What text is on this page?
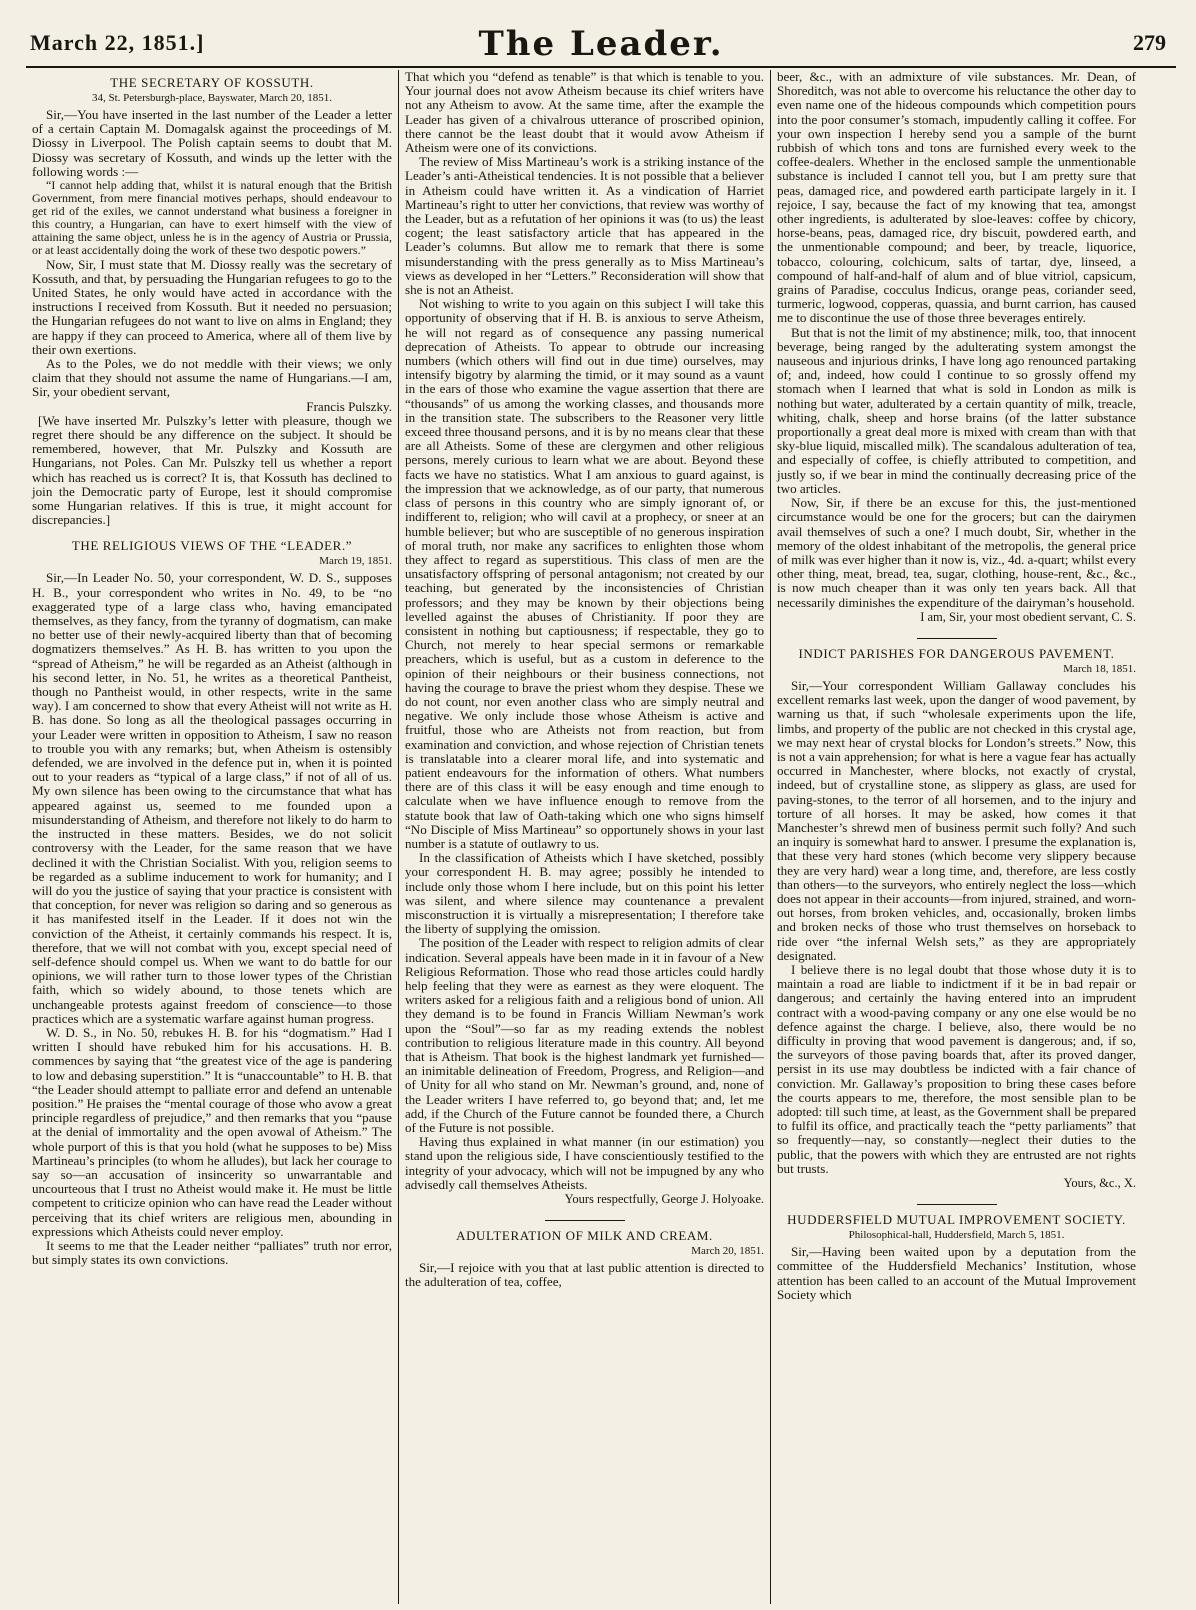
March 22, 1851.]	The Leader.	279
THE SECRETARY OF KOSSUTH.
34, St. Petersburgh-place, Bayswater, March 20, 1851.

Sir,—You have inserted in the last number of the Leader a letter of a certain Captain M. Domagalsk against the proceedings of M. Diossy in Liverpool. The Polish captain seems to doubt that M. Diossy was secretary of Kossuth, and winds up the letter with the following words :—

“I cannot help adding that, whilst it is natural enough that the British Government, from mere financial motives perhaps, should endeavour to get rid of the exiles, we cannot understand what business a foreigner in this country, a Hungarian, can have to exert himself with the view of attaining the same object, unless he is in the agency of Austria or Prussia, or at least accidentally doing the work of these two despotic powers.”

Now, Sir, I must state that M. Diossy really was the secretary of Kossuth, and that, by persuading the Hungarian refugees to go to the United States, he only would have acted in accordance with the instructions I received from Kossuth. But it needed no persuasion; the Hungarian refugees do not want to live on alms in England; they are happy if they can proceed to America, where all of them live by their own exertions.

As to the Poles, we do not meddle with their views; we only claim that they should not assume the name of Hungarians.—I am, Sir, your obedient servant,

Francis Pulszky.

[We have inserted Mr. Pulszky’s letter with pleasure, though we regret there should be any difference on the subject. It should be remembered, however, that Mr. Pulszky and Kossuth are Hungarians, not Poles. Can Mr. Pulszky tell us whether a report which has reached us is correct? It is, that Kossuth has declined to join the Democratic party of Europe, lest it should compromise some Hungarian relatives. If this is true, it might account for discrepancies.]

THE RELIGIOUS VIEWS OF THE “LEADER.”
March 19, 1851.

Sir,—In Leader No. 50, your correspondent, W. D. S., supposes H. B., your correspondent who writes in No. 49, to be “no exaggerated type of a large class who, having emancipated themselves, as they fancy, from the tyranny of dogmatism, can make no better use of their newly-acquired liberty than that of becoming dogmatizers themselves.” As H. B. has written to you upon the “spread of Atheism,” he will be regarded as an Atheist (although in his second letter, in No. 51, he writes as a theoretical Pantheist, though no Pantheist would, in other respects, write in the same way). I am concerned to show that every Atheist will not write as H. B. has done. So long as all the theological passages occurring in your Leader were written in opposition to Atheism, I saw no reason to trouble you with any remarks; but, when Atheism is ostensibly defended, we are involved in the defence put in, when it is pointed out to your readers as “typical of a large class,” if not of all of us. My own silence has been owing to the circumstance that what has appeared against us, seemed to me founded upon a misunderstanding of Atheism, and therefore not likely to do harm to the instructed in these matters. Besides, we do not solicit controversy with the Leader, for the same reason that we have declined it with the Christian Socialist. With you, religion seems to be regarded as a sublime inducement to work for humanity; and I will do you the justice of saying that your practice is consistent with that conception, for never was religion so daring and so generous as it has manifested itself in the Leader. If it does not win the conviction of the Atheist, it certainly commands his respect. It is, therefore, that we will not combat with you, except special need of self-defence should compel us. When we want to do battle for our opinions, we will rather turn to those lower types of the Christian faith, which so widely abound, to those tenets which are unchangeable protests against freedom of conscience—to those practices which are a systematic warfare against human progress.

W. D. S., in No. 50, rebukes H. B. for his “dogmatism.” Had I written I should have rebuked him for his accusations. H. B. commences by saying that “the greatest vice of the age is pandering to low and debasing superstition.” It is “unaccountable” to H. B. that “the Leader should attempt to palliate error and defend an untenable position.” He praises the “mental courage of those who avow a great principle regardless of prejudice,” and then remarks that you “pause at the denial of immortality and the open avowal of Atheism.” The whole purport of this is that you hold (what he supposes to be) Miss Martineau’s principles (to whom he alludes), but lack her courage to say so—an accusation of insincerity so unwarrantable and uncourteous that I trust no Atheist would make it. He must be little competent to criticize opinion who can have read the Leader without perceiving that its chief writers are religious men, abounding in expressions which Atheists could never employ.

It seems to me that the Leader neither “palliates” truth nor error, but simply states its own convictions.

That which you “defend as tenable” is that which is tenable to you. Your journal does not avow Atheism because its chief writers have not any Atheism to avow. At the same time, after the example the Leader has given of a chivalrous utterance of proscribed opinion, there cannot be the least doubt that it would avow Atheism if Atheism were one of its convictions.

The review of Miss Martineau’s work is a striking instance of the Leader’s anti-Atheistical tendencies. It is not possible that a believer in Atheism could have written it. As a vindication of Harriet Martineau’s right to utter her convictions, that review was worthy of the Leader, but as a refutation of her opinions it was (to us) the least cogent; the least satisfactory article that has appeared in the Leader’s columns. But allow me to remark that there is some misunderstanding with the press generally as to Miss Martineau’s views as developed in her “Letters.” Reconsideration will show that she is not an Atheist.

Not wishing to write to you again on this subject I will take this opportunity of observing that if H. B. is anxious to serve Atheism, he will not regard as of consequence any passing numerical deprecation of Atheists. To appear to obtrude our increasing numbers (which others will find out in due time) ourselves, may intensify bigotry by alarming the timid, or it may sound as a vaunt in the ears of those who examine the vague assertion that there are “thousands” of us among the working classes, and thousands more in the transition state. The subscribers to the Reasoner very little exceed three thousand persons, and it is by no means clear that these are all Atheists. Some of these are clergymen and other religious persons, merely curious to learn what we are about. Beyond these facts we have no statistics. What I am anxious to guard against, is the impression that we acknowledge, as of our party, that numerous class of persons in this country who are simply ignorant of, or indifferent to, religion; who will cavil at a prophecy, or sneer at an humble believer; but who are susceptible of no generous inspiration of moral truth, nor make any sacrifices to enlighten those whom they affect to regard as superstitious. This class of men are the unsatisfactory offspring of personal antagonism; not created by our teaching, but generated by the inconsistencies of Christian professors; and they may be known by their objections being levelled against the abuses of Christianity. If poor they are consistent in nothing but captiousness; if respectable, they go to Church, not merely to hear special sermons or remarkable preachers, which is useful, but as a custom in deference to the opinion of their neighbours or their business connections, not having the courage to brave the priest whom they despise. These we do not count, nor even another class who are simply neutral and negative. We only include those whose Atheism is active and fruitful, those who are Atheists not from reaction, but from examination and conviction, and whose rejection of Christian tenets is translatable into a clearer moral life, and into systematic and patient endeavours for the information of others. What numbers there are of this class it will be easy enough and time enough to calculate when we have influence enough to remove from the statute book that law of Oath-taking which one who signs himself “No Disciple of Miss Martineau” so opportunely shows in your last number is a statute of outlawry to us.

In the classification of Atheists which I have sketched, possibly your correspondent H. B. may agree; possibly he intended to include only those whom I here include, but on this point his letter was silent, and where silence may countenance a prevalent misconstruction it is virtually a misrepresentation; I therefore take the liberty of supplying the omission.

The position of the Leader with respect to religion admits of clear indication. Several appeals have been made in it in favour of a New Religious Reformation. Those who read those articles could hardly help feeling that they were as earnest as they were eloquent. The writers asked for a religious faith and a religious bond of union. All they demand is to be found in Francis William Newman’s work upon the “Soul”—so far as my reading extends the noblest contribution to religious literature made in this country. All beyond that is Atheism. That book is the highest landmark yet furnished—an inimitable delineation of Freedom, Progress, and Religion—and of Unity for all who stand on Mr. Newman’s ground, and, none of the Leader writers I have referred to, go beyond that; and, let me add, if the Church of the Future cannot be founded there, a Church of the Future is not possible.

Having thus explained in what manner (in our estimation) you stand upon the religious side, I have conscientiously testified to the integrity of your advocacy, which will not be impugned by any who advisedly call themselves Atheists.

Yours respectfully, George J. Holyoake.

ADULTERATION OF MILK AND CREAM.
March 20, 1851.

Sir,—I rejoice with you that at last public attention is directed to the adulteration of tea, coffee,

beer, &c., with an admixture of vile substances. Mr. Dean, of Shoreditch, was not able to overcome his reluctance the other day to even name one of the hideous compounds which competition pours into the poor consumer’s stomach, impudently calling it coffee. For your own inspection I hereby send you a sample of the burnt rubbish of which tons and tons are furnished every week to the coffee-dealers. Whether in the enclosed sample the unmentionable substance is included I cannot tell you, but I am pretty sure that peas, damaged rice, and powdered earth participate largely in it. I rejoice, I say, because the fact of my knowing that tea, amongst other ingredients, is adulterated by sloe-leaves: coffee by chicory, horse-beans, peas, damaged rice, dry biscuit, powdered earth, and the unmentionable compound; and beer, by treacle, liquorice, tobacco, colouring, colchicum, salts of tartar, dye, linseed, a compound of half-and-half of alum and of blue vitriol, capsicum, grains of Paradise, cocculus Indicus, orange peas, coriander seed, turmeric, logwood, copperas, quassia, and burnt carrion, has caused me to discontinue the use of those three beverages entirely.

But that is not the limit of my abstinence; milk, too, that innocent beverage, being ranged by the adulterating system amongst the nauseous and injurious drinks, I have long ago renounced partaking of; and, indeed, how could I continue to so grossly offend my stomach when I learned that what is sold in London as milk is nothing but water, adulterated by a certain quantity of milk, treacle, whiting, chalk, sheep and horse brains (of the latter substance proportionally a great deal more is mixed with cream than with that sky-blue liquid, miscalled milk). The scandalous adulteration of tea, and especially of coffee, is chiefly attributed to competition, and justly so, if we bear in mind the continually decreasing price of the two articles.

Now, Sir, if there be an excuse for this, the just-mentioned circumstance would be one for the grocers; but can the dairymen avail themselves of such a one? I much doubt, Sir, whether in the memory of the oldest inhabitant of the metropolis, the general price of milk was ever higher than it now is, viz., 4d. a-quart; whilst every other thing, meat, bread, tea, sugar, clothing, house-rent, &c., &c., is now much cheaper than it was only ten years back. All that necessarily diminishes the expenditure of the dairyman’s household.

I am, Sir, your most obedient servant, C. S.

INDICT PARISHES FOR DANGEROUS PAVEMENT.
March 18, 1851.

Sir,—Your correspondent William Gallaway concludes his excellent remarks last week, upon the danger of wood pavement, by warning us that, if such “wholesale experiments upon the life, limbs, and property of the public are not checked in this crystal age, we may next hear of crystal blocks for London’s streets.” Now, this is not a vain apprehension; for what is here a vague fear has actually occurred in Manchester, where blocks, not exactly of crystal, indeed, but of crystalline stone, as slippery as glass, are used for paving-stones, to the terror of all horsemen, and to the injury and torture of all horses. It may be asked, how comes it that Manchester’s shrewd men of business permit such folly? And such an inquiry is somewhat hard to answer. I presume the explanation is, that these very hard stones (which become very slippery because they are very hard) wear a long time, and, therefore, are less costly than others—to the surveyors, who entirely neglect the loss—which does not appear in their accounts—from injured, strained, and worn-out horses, from broken vehicles, and, occasionally, broken limbs and broken necks of those who trust themselves on horseback to ride over “the infernal Welsh sets,” as they are appropriately designated.

I believe there is no legal doubt that those whose duty it is to maintain a road are liable to indictment if it be in bad repair or dangerous; and certainly the having entered into an imprudent contract with a wood-paving company or any one else would be no defence against the charge. I believe, also, there would be no difficulty in proving that wood pavement is dangerous; and, if so, the surveyors of those paving boards that, after its proved danger, persist in its use may doubtless be indicted with a fair chance of conviction. Mr. Gallaway’s proposition to bring these cases before the courts appears to me, therefore, the most sensible plan to be adopted: till such time, at least, as the Government shall be prepared to fulfil its office, and practically teach the “petty parliaments” that so frequently—nay, so constantly—neglect their duties to the public, that the powers with which they are entrusted are not rights but trusts.

Yours, &c., X.

HUDDERSFIELD MUTUAL IMPROVEMENT SOCIETY.
Philosophical-hall, Huddersfield, March 5, 1851.

Sir,—Having been waited upon by a deputation from the committee of the Huddersfield Mechanics’ Institution, whose attention has been called to an account of the Mutual Improvement Society which
